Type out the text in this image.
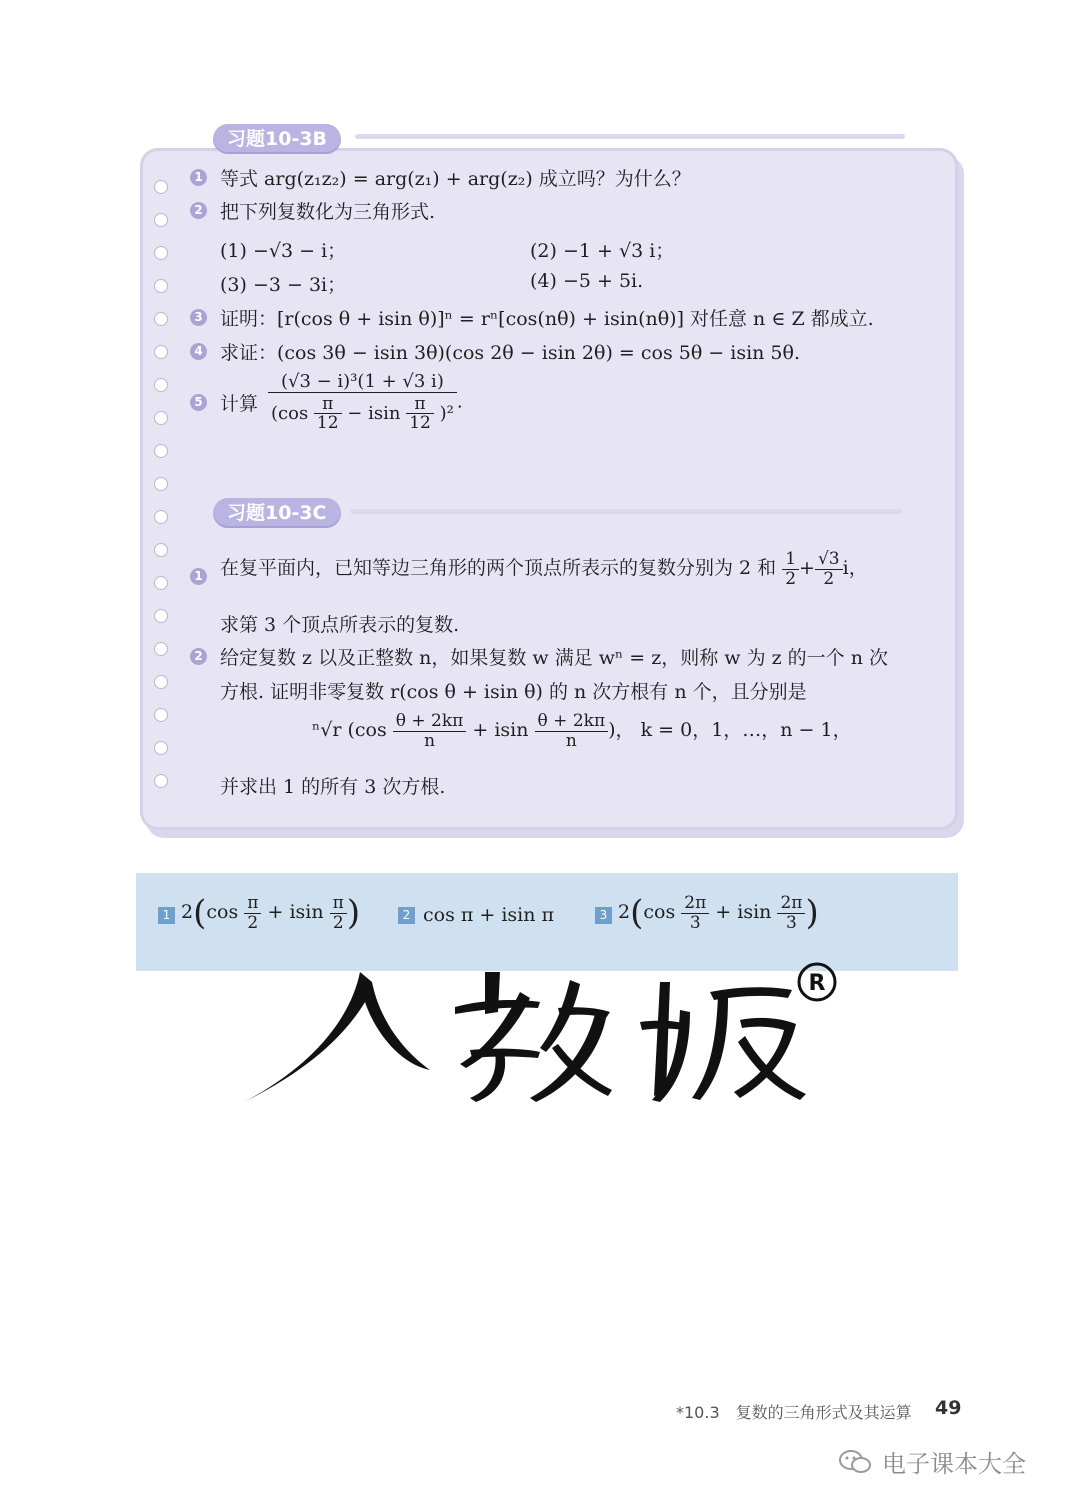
习题10-3B
1 等式 arg(z₁z₂) = arg(z₁) + arg(z₂) 成立吗？为什么？
2 把下列复数化为三角形式.
(1) −√3 − i；	(2) −1 + √3 i；
(3) −3 − 3i；	(4) −5 + 5i.
3 证明：[r(cos θ + isin θ)]ⁿ = rⁿ[cos(nθ) + isin(nθ)] 对任意 n ∈ Z 都成立.
4 求证：(cos 3θ − isin 3θ)(cos 2θ − isin 2θ) = cos 5θ − isin 5θ.
5 计算 $\frac{\text{(√3 − i)³(1 + √3 i)}}{(\cos \frac{\pi}{12} - isin \frac{\pi}{12} )^2}$ .
习题10-3C
1 在复平面内，已知等边三角形的两个顶点所表示的复数分别为 2 和 $\frac{1}{2} + \frac{√3}{2}$ i，
求第 3 个顶点所表示的复数.
2 给定复数 z 以及正整数 n，如果复数 w 满足 wⁿ = z，则称 w 为 z 的一个 n 次
方根. 证明非零复数 r(cos θ + isin θ) 的 n 次方根有 n 个，且分别是
ⁿ√r ($\cos \frac{\theta + 2k\pi}{n} + isin \frac{\theta + 2k\pi}{n}$ )， k = 0，1，…，n − 1，
并求出 1 的所有 3 次方根.
1 $2(\cos \frac{\pi}{2} + isin \frac{\pi}{2}$ )	2 cos π + isin π	3 $2(\cos \frac{2\pi}{3} + isin \frac{2\pi}{3}$ )
R
*10.3　复数的三角形式及其运算 49
电子课本大全
